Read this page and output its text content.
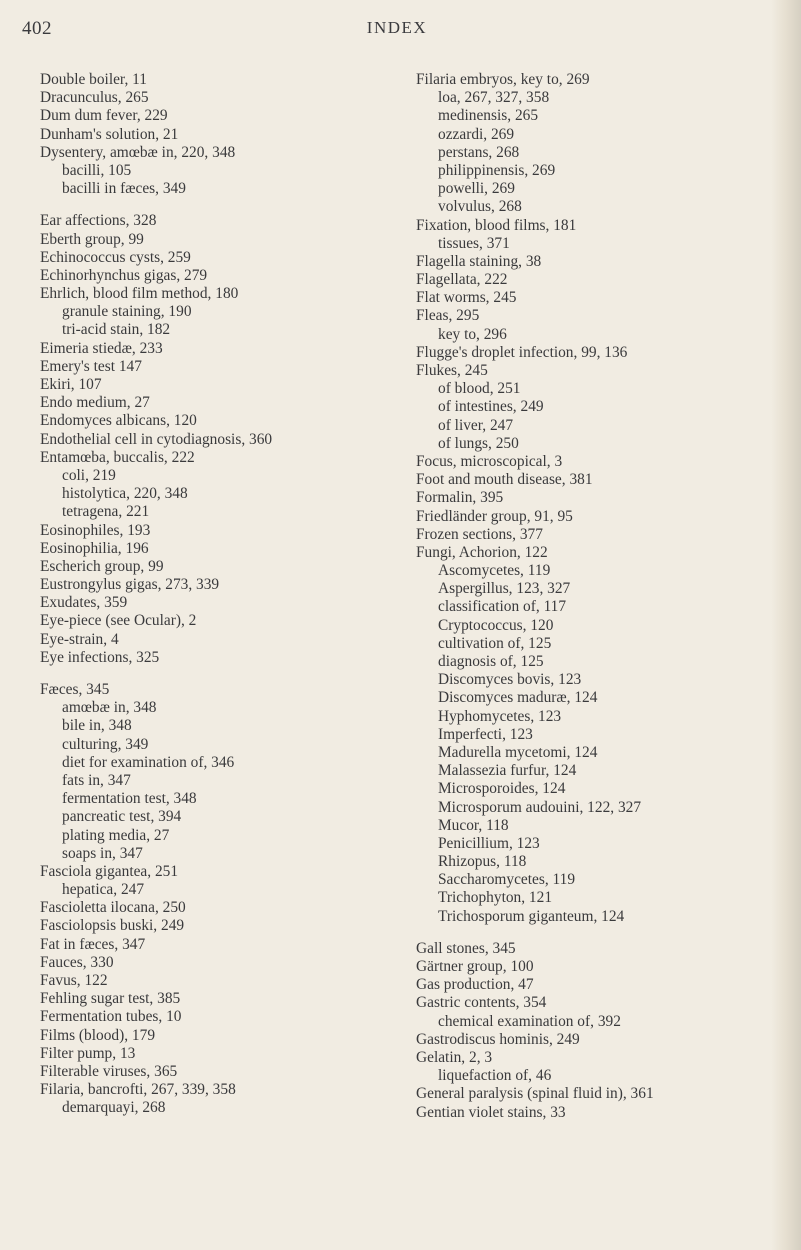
402	INDEX
Double boiler, 11
Dracunculus, 265
Dum dum fever, 229
Dunham's solution, 21
Dysentery, amœbæ in, 220, 348
bacilli, 105
bacilli in fæces, 349
Ear affections, 328
Eberth group, 99
Echinococcus cysts, 259
Echinorhynchus gigas, 279
Ehrlich, blood film method, 180
granule staining, 190
tri-acid stain, 182
Eimeria stiedæ, 233
Emery's test 147
Ekiri, 107
Endo medium, 27
Endomyces albicans, 120
Endothelial cell in cytodiagnosis, 360
Entamœba, buccalis, 222
coli, 219
histolytica, 220, 348
tetragena, 221
Eosinophiles, 193
Eosinophilia, 196
Escherich group, 99
Eustrongylus gigas, 273, 339
Exudates, 359
Eye-piece (see Ocular), 2
Eye-strain, 4
Eye infections, 325
Fæces, 345
amœbæ in, 348
bile in, 348
culturing, 349
diet for examination of, 346
fats in, 347
fermentation test, 348
pancreatic test, 394
plating media, 27
soaps in, 347
Fasciola gigantea, 251
hepatica, 247
Fascioletta ilocana, 250
Fasciolopsis buski, 249
Fat in fæces, 347
Fauces, 330
Favus, 122
Fehling sugar test, 385
Fermentation tubes, 10
Films (blood), 179
Filter pump, 13
Filterable viruses, 365
Filaria, bancrofti, 267, 339, 358
demarquayi, 268
Filaria embryos, key to, 269
loa, 267, 327, 358
medinensis, 265
ozzardi, 269
perstans, 268
philippinensis, 269
powelli, 269
volvulus, 268
Fixation, blood films, 181
tissues, 371
Flagella staining, 38
Flagellata, 222
Flat worms, 245
Fleas, 295
key to, 296
Flugge's droplet infection, 99, 136
Flukes, 245
of blood, 251
of intestines, 249
of liver, 247
of lungs, 250
Focus, microscopical, 3
Foot and mouth disease, 381
Formalin, 395
Friedländer group, 91, 95
Frozen sections, 377
Fungi, Achorion, 122
Ascomycetes, 119
Aspergillus, 123, 327
classification of, 117
Cryptococcus, 120
cultivation of, 125
diagnosis of, 125
Discomyces bovis, 123
Discomyces maduræ, 124
Hyphomycetes, 123
Imperfecti, 123
Madurella mycetomi, 124
Malassezia furfur, 124
Microsporoides, 124
Microsporum audouini, 122, 327
Mucor, 118
Penicillium, 123
Rhizopus, 118
Saccharomycetes, 119
Trichophyton, 121
Trichosporum giganteum, 124
Gall stones, 345
Gärtner group, 100
Gas production, 47
Gastric contents, 354
chemical examination of, 392
Gastrodiscus hominis, 249
Gelatin, 2, 3
liquefaction of, 46
General paralysis (spinal fluid in), 361
Gentian violet stains, 33
